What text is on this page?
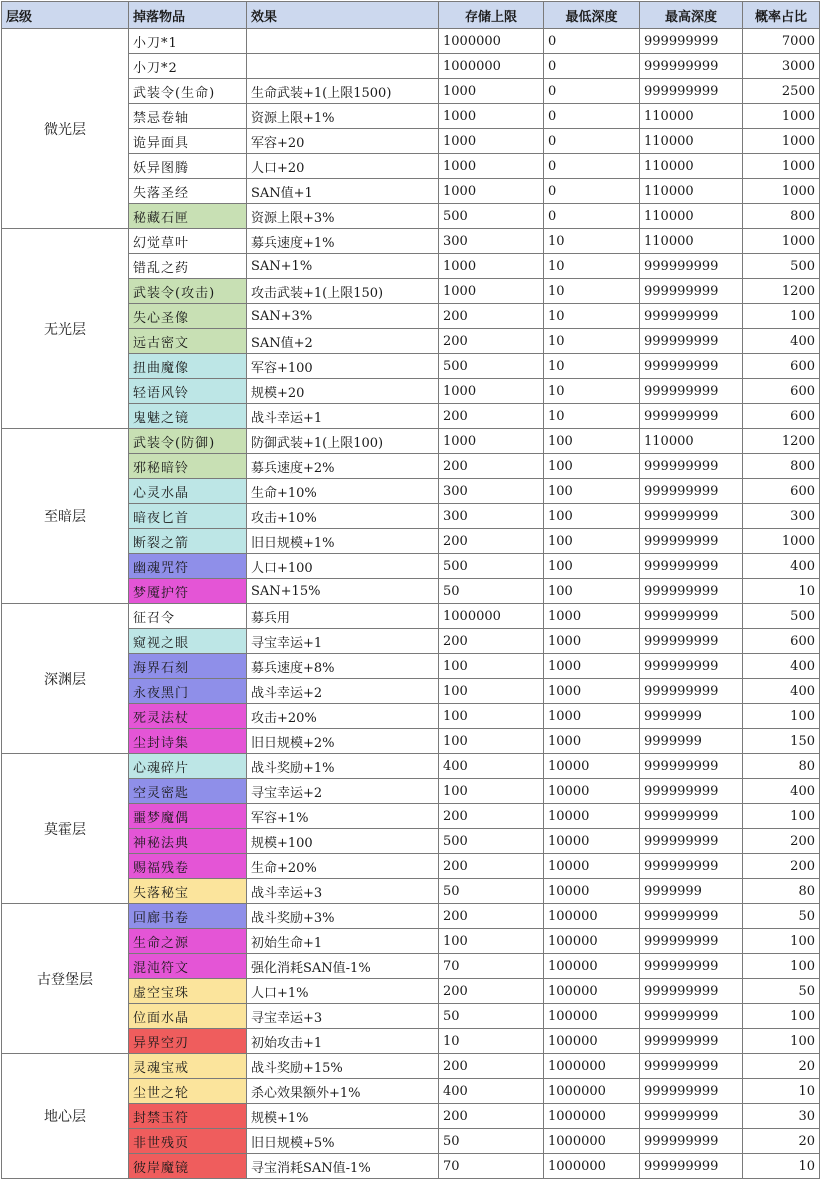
层级	掉落物品	效果	存储上限	最低深度	最高深度	概率占比
微光层	小刀*1		1000000	0	999999999	7000
	小刀*2		1000000	0	999999999	3000
	武装令(生命)	生命武装+1(上限1500)	1000	0	999999999	2500
	禁忌卷轴	资源上限+1%	1000	0	110000	1000
	诡异面具	军容+20	1000	0	110000	1000
	妖异图腾	人口+20	1000	0	110000	1000
	失落圣经	SAN值+1	1000	0	110000	1000
	秘藏石匣	资源上限+3%	500	0	110000	800
无光层	幻觉草叶	募兵速度+1%	300	10	110000	1000
	错乱之药	SAN+1%	1000	10	999999999	500
	武装令(攻击)	攻击武装+1(上限150)	1000	10	999999999	1200
	失心圣像	SAN+3%	200	10	999999999	100
	远古密文	SAN值+2	200	10	999999999	400
	扭曲魔像	军容+100	500	10	999999999	600
	轻语风铃	规模+20	1000	10	999999999	600
	鬼魅之镜	战斗幸运+1	200	10	999999999	600
至暗层	武装令(防御)	防御武装+1(上限100)	1000	100	110000	1200
	邪秘暗铃	募兵速度+2%	200	100	999999999	800
	心灵水晶	生命+10%	300	100	999999999	600
	暗夜匕首	攻击+10%	300	100	999999999	300
	断裂之箭	旧日规模+1%	200	100	999999999	1000
	幽魂咒符	人口+100	500	100	999999999	400
	梦魇护符	SAN+15%	50	100	999999999	10
深渊层	征召令	募兵用	1000000	1000	999999999	500
	窥视之眼	寻宝幸运+1	200	1000	999999999	600
	海界石刻	募兵速度+8%	100	1000	999999999	400
	永夜黑门	战斗幸运+2	100	1000	999999999	400
	死灵法杖	攻击+20%	100	1000	9999999	100
	尘封诗集	旧日规模+2%	100	1000	9999999	150
莫霍层	心魂碎片	战斗奖励+1%	400	10000	999999999	80
	空灵密匙	寻宝幸运+2	100	10000	999999999	400
	噩梦魔偶	军容+1%	200	10000	999999999	100
	神秘法典	规模+100	500	10000	999999999	200
	赐福残卷	生命+20%	200	10000	999999999	200
	失落秘宝	战斗幸运+3	50	10000	9999999	80
古登堡层	回廊书卷	战斗奖励+3%	200	100000	999999999	50
	生命之源	初始生命+1	100	100000	999999999	100
	混沌符文	强化消耗SAN值-1%	70	100000	999999999	100
	虚空宝珠	人口+1%	200	100000	999999999	50
	位面水晶	寻宝幸运+3	50	100000	999999999	100
	异界空刃	初始攻击+1	10	100000	999999999	100
地心层	灵魂宝戒	战斗奖励+15%	200	1000000	999999999	20
	尘世之轮	杀心效果额外+1%	400	1000000	999999999	10
	封禁玉符	规模+1%	200	1000000	999999999	30
	非世残页	旧日规模+5%	50	1000000	999999999	20
	彼岸魔镜	寻宝消耗SAN值-1%	70	1000000	999999999	10
